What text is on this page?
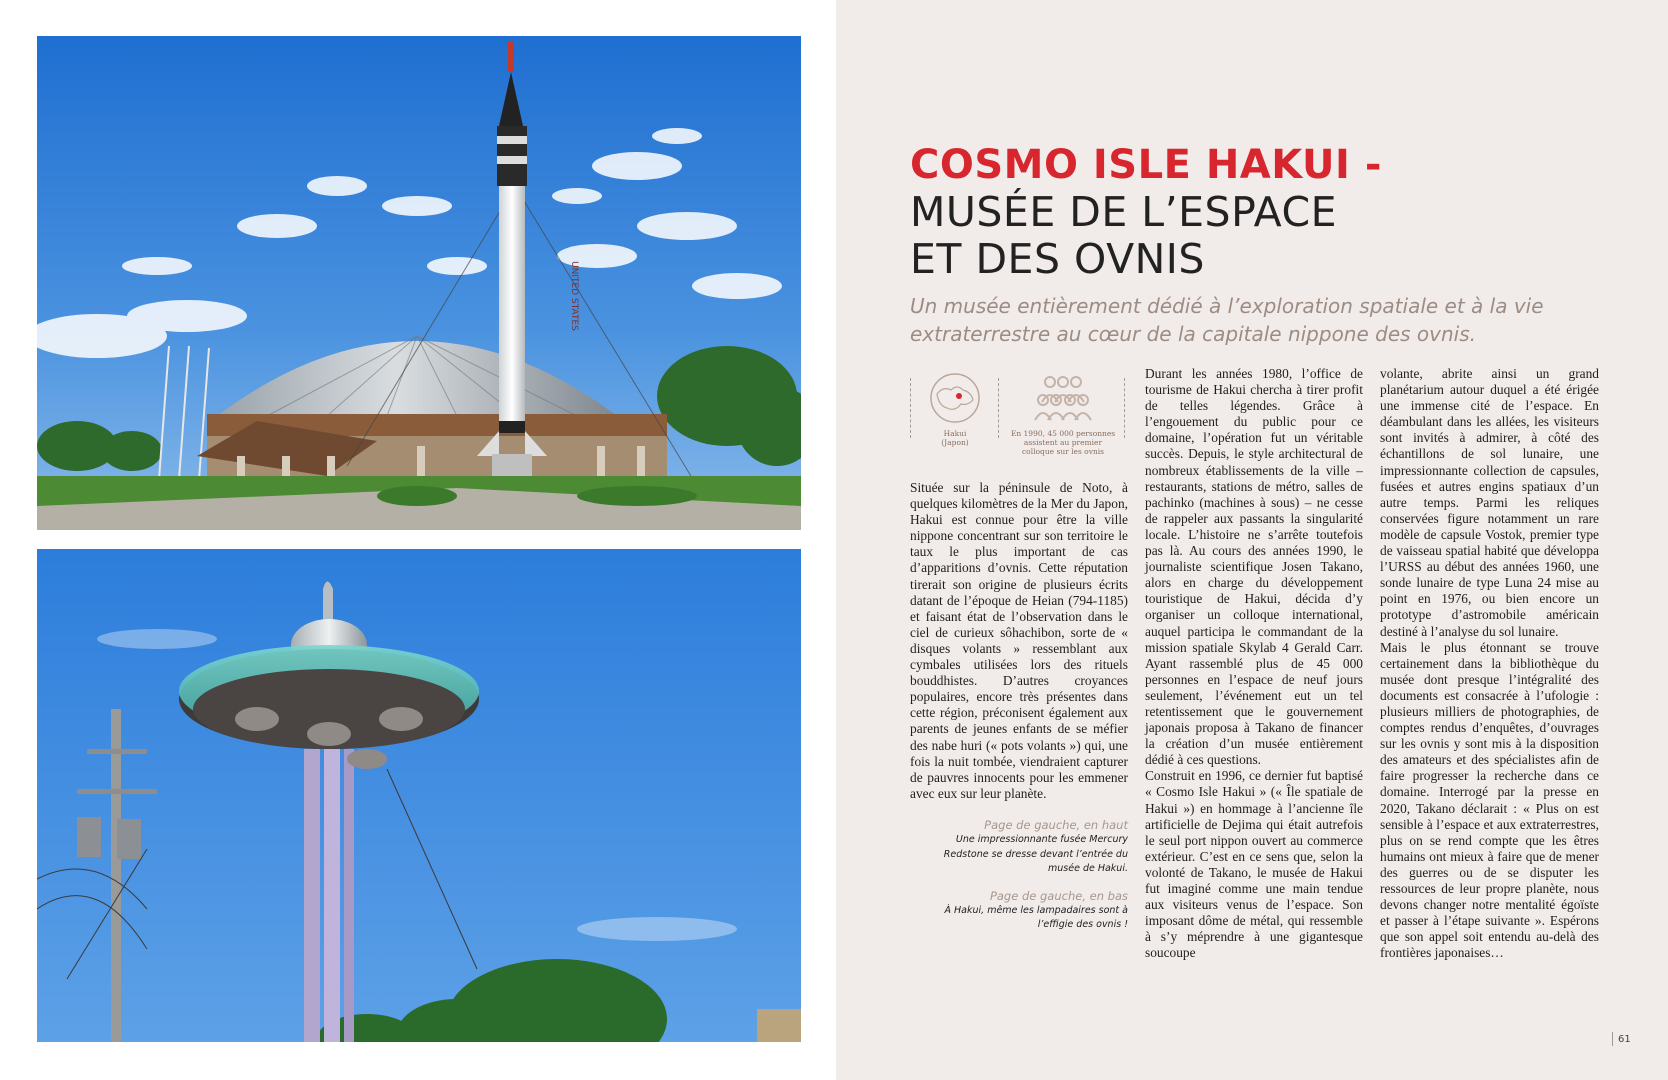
UNITED STATES
COSMO ISLE HAKUI -
MUSÉE DE L’ESPACE
ET DES OVNIS

Un musée entièrement dédié à l’exploration spatiale et à la vie extraterrestre au cœur de la capitale nippone des ovnis.

Hakui
(Japon)
En 1990, 45 000 personnes
assistent au premier
colloque sur les ovnis

Située sur la péninsule de Noto, à quelques kilomètres de la Mer du Japon, Hakui est connue pour être la ville nippone concentrant sur son territoire le taux le plus important de cas d’apparitions d’ovnis. Cette réputation tirerait son origine de plusieurs écrits datant de l’époque de Heian (794-1185) et faisant état de l’observation dans le ciel de curieux sôhachibon, sorte de « disques volants » ressemblant aux cymbales utilisées lors des rituels bouddhistes. D’autres croyances populaires, encore très présentes dans cette région, préconisent également aux parents de jeunes enfants de se méfier des nabe huri (« pots volants ») qui, une fois la nuit tombée, viendraient capturer de pauvres innocents pour les emmener avec eux sur leur planète.

Durant les années 1980, l’office de tourisme de Hakui chercha à tirer profit de telles légendes. Grâce à l’engouement du public pour ce domaine, l’opération fut un véritable succès. Depuis, le style architectural de nombreux établissements de la ville – restaurants, stations de métro, salles de pachinko (machines à sous) – ne cesse de rappeler aux passants la singularité locale. L’histoire ne s’arrête toutefois pas là. Au cours des années 1990, le journaliste scientifique Josen Takano, alors en charge du développement touristique de Hakui, décida d’y organiser un colloque international, auquel participa le commandant de la mission spatiale Skylab 4 Gerald Carr. Ayant rassemblé plus de 45 000 personnes en l’espace de neuf jours seulement, l’événement eut un tel retentissement que le gouvernement japonais proposa à Takano de financer la création d’un musée entièrement dédié à ces questions.

Construit en 1996, ce dernier fut baptisé « Cosmo Isle Hakui » (« Île spatiale de Hakui ») en hommage à l’ancienne île artificielle de Dejima qui était autrefois le seul port nippon ouvert au commerce extérieur. C’est en ce sens que, selon la volonté de Takano, le musée de Hakui fut imaginé comme une main tendue aux visiteurs venus de l’espace. Son imposant dôme de métal, qui ressemble à s’y méprendre à une gigantesque soucoupe

volante, abrite ainsi un grand planétarium autour duquel a été érigée une immense cité de l’espace. En déambulant dans les allées, les visiteurs sont invités à admirer, à côté des échantillons de sol lunaire, une impressionnante collection de capsules, fusées et autres engins spatiaux d’un autre temps. Parmi les reliques conservées figure notamment un rare modèle de capsule Vostok, premier type de vaisseau spatial habité que développa l’URSS au début des années 1960, une sonde lunaire de type Luna 24 mise au point en 1976, ou bien encore un prototype d’astromobile américain destiné à l’analyse du sol lunaire.

Mais le plus étonnant se trouve certainement dans la bibliothèque du musée dont presque l’intégralité des documents est consacrée à l’ufologie : plusieurs milliers de photographies, de comptes rendus d’enquêtes, d’ouvrages sur les ovnis y sont mis à la disposition des amateurs et des spécialistes afin de faire progresser la recherche dans ce domaine. Interrogé par la presse en 2020, Takano déclarait : « Plus on est sensible à l’espace et aux extraterrestres, plus on se rend compte que les êtres humains ont mieux à faire que de mener des guerres ou de se disputer les ressources de leur propre planète, nous devons changer notre mentalité égoïste et passer à l’étape suivante ». Espérons que son appel soit entendu au-delà des frontières japonaises…

Page de gauche, en haut
Une impressionnante fusée Mercury Redstone se dresse devant l’entrée du musée de Hakui.
Page de gauche, en bas
À Hakui, même les lampadaires sont à l’effigie des ovnis !
61
